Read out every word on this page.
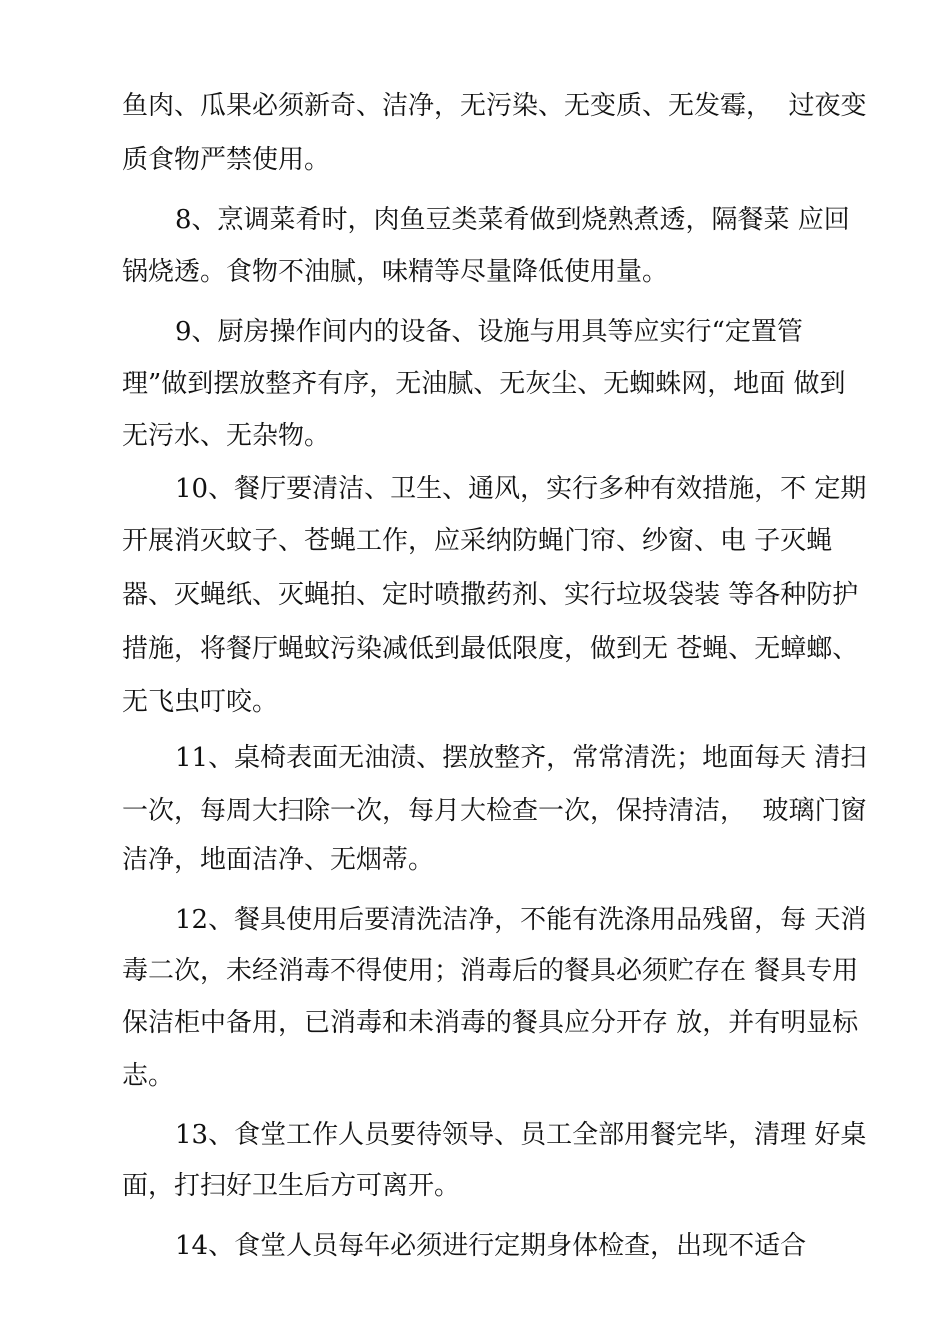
鱼肉、瓜果必须新奇、洁净，无污染、无变质、无发霉，  过夜变
质食物严禁使用。
8、烹调菜肴时，肉鱼豆类菜肴做到烧熟煮透，隔餐菜 应回
锅烧透。食物不油腻，味精等尽量降低使用量。
9、厨房操作间内的设备、设施与用具等应实行“定置管
理”做到摆放整齐有序，无油腻、无灰尘、无蜘蛛网，地面 做到
无污水、无杂物。
10、餐厅要清洁、卫生、通风，实行多种有效措施，不 定期
开展消灭蚊子、苍蝇工作，应采纳防蝇门帘、纱窗、电 子灭蝇
器、灭蝇纸、灭蝇拍、定时喷撒药剂、实行垃圾袋装 等各种防护
措施，将餐厅蝇蚊污染减低到最低限度，做到无 苍蝇、无蟑螂、
无飞虫叮咬。
11、桌椅表面无油渍、摆放整齐，常常清洗；地面每天 清扫
一次，每周大扫除一次，每月大检查一次，保持清洁，  玻璃门窗
洁净，地面洁净、无烟蒂。
12、餐具使用后要清洗洁净，不能有洗涤用品残留，每 天消
毒二次，未经消毒不得使用；消毒后的餐具必须贮存在 餐具专用
保洁柜中备用，已消毒和未消毒的餐具应分开存 放，并有明显标
志。
13、食堂工作人员要待领导、员工全部用餐完毕，清理 好桌
面，打扫好卫生后方可离开。
14、食堂人员每年必须进行定期身体检查，出现不适合
